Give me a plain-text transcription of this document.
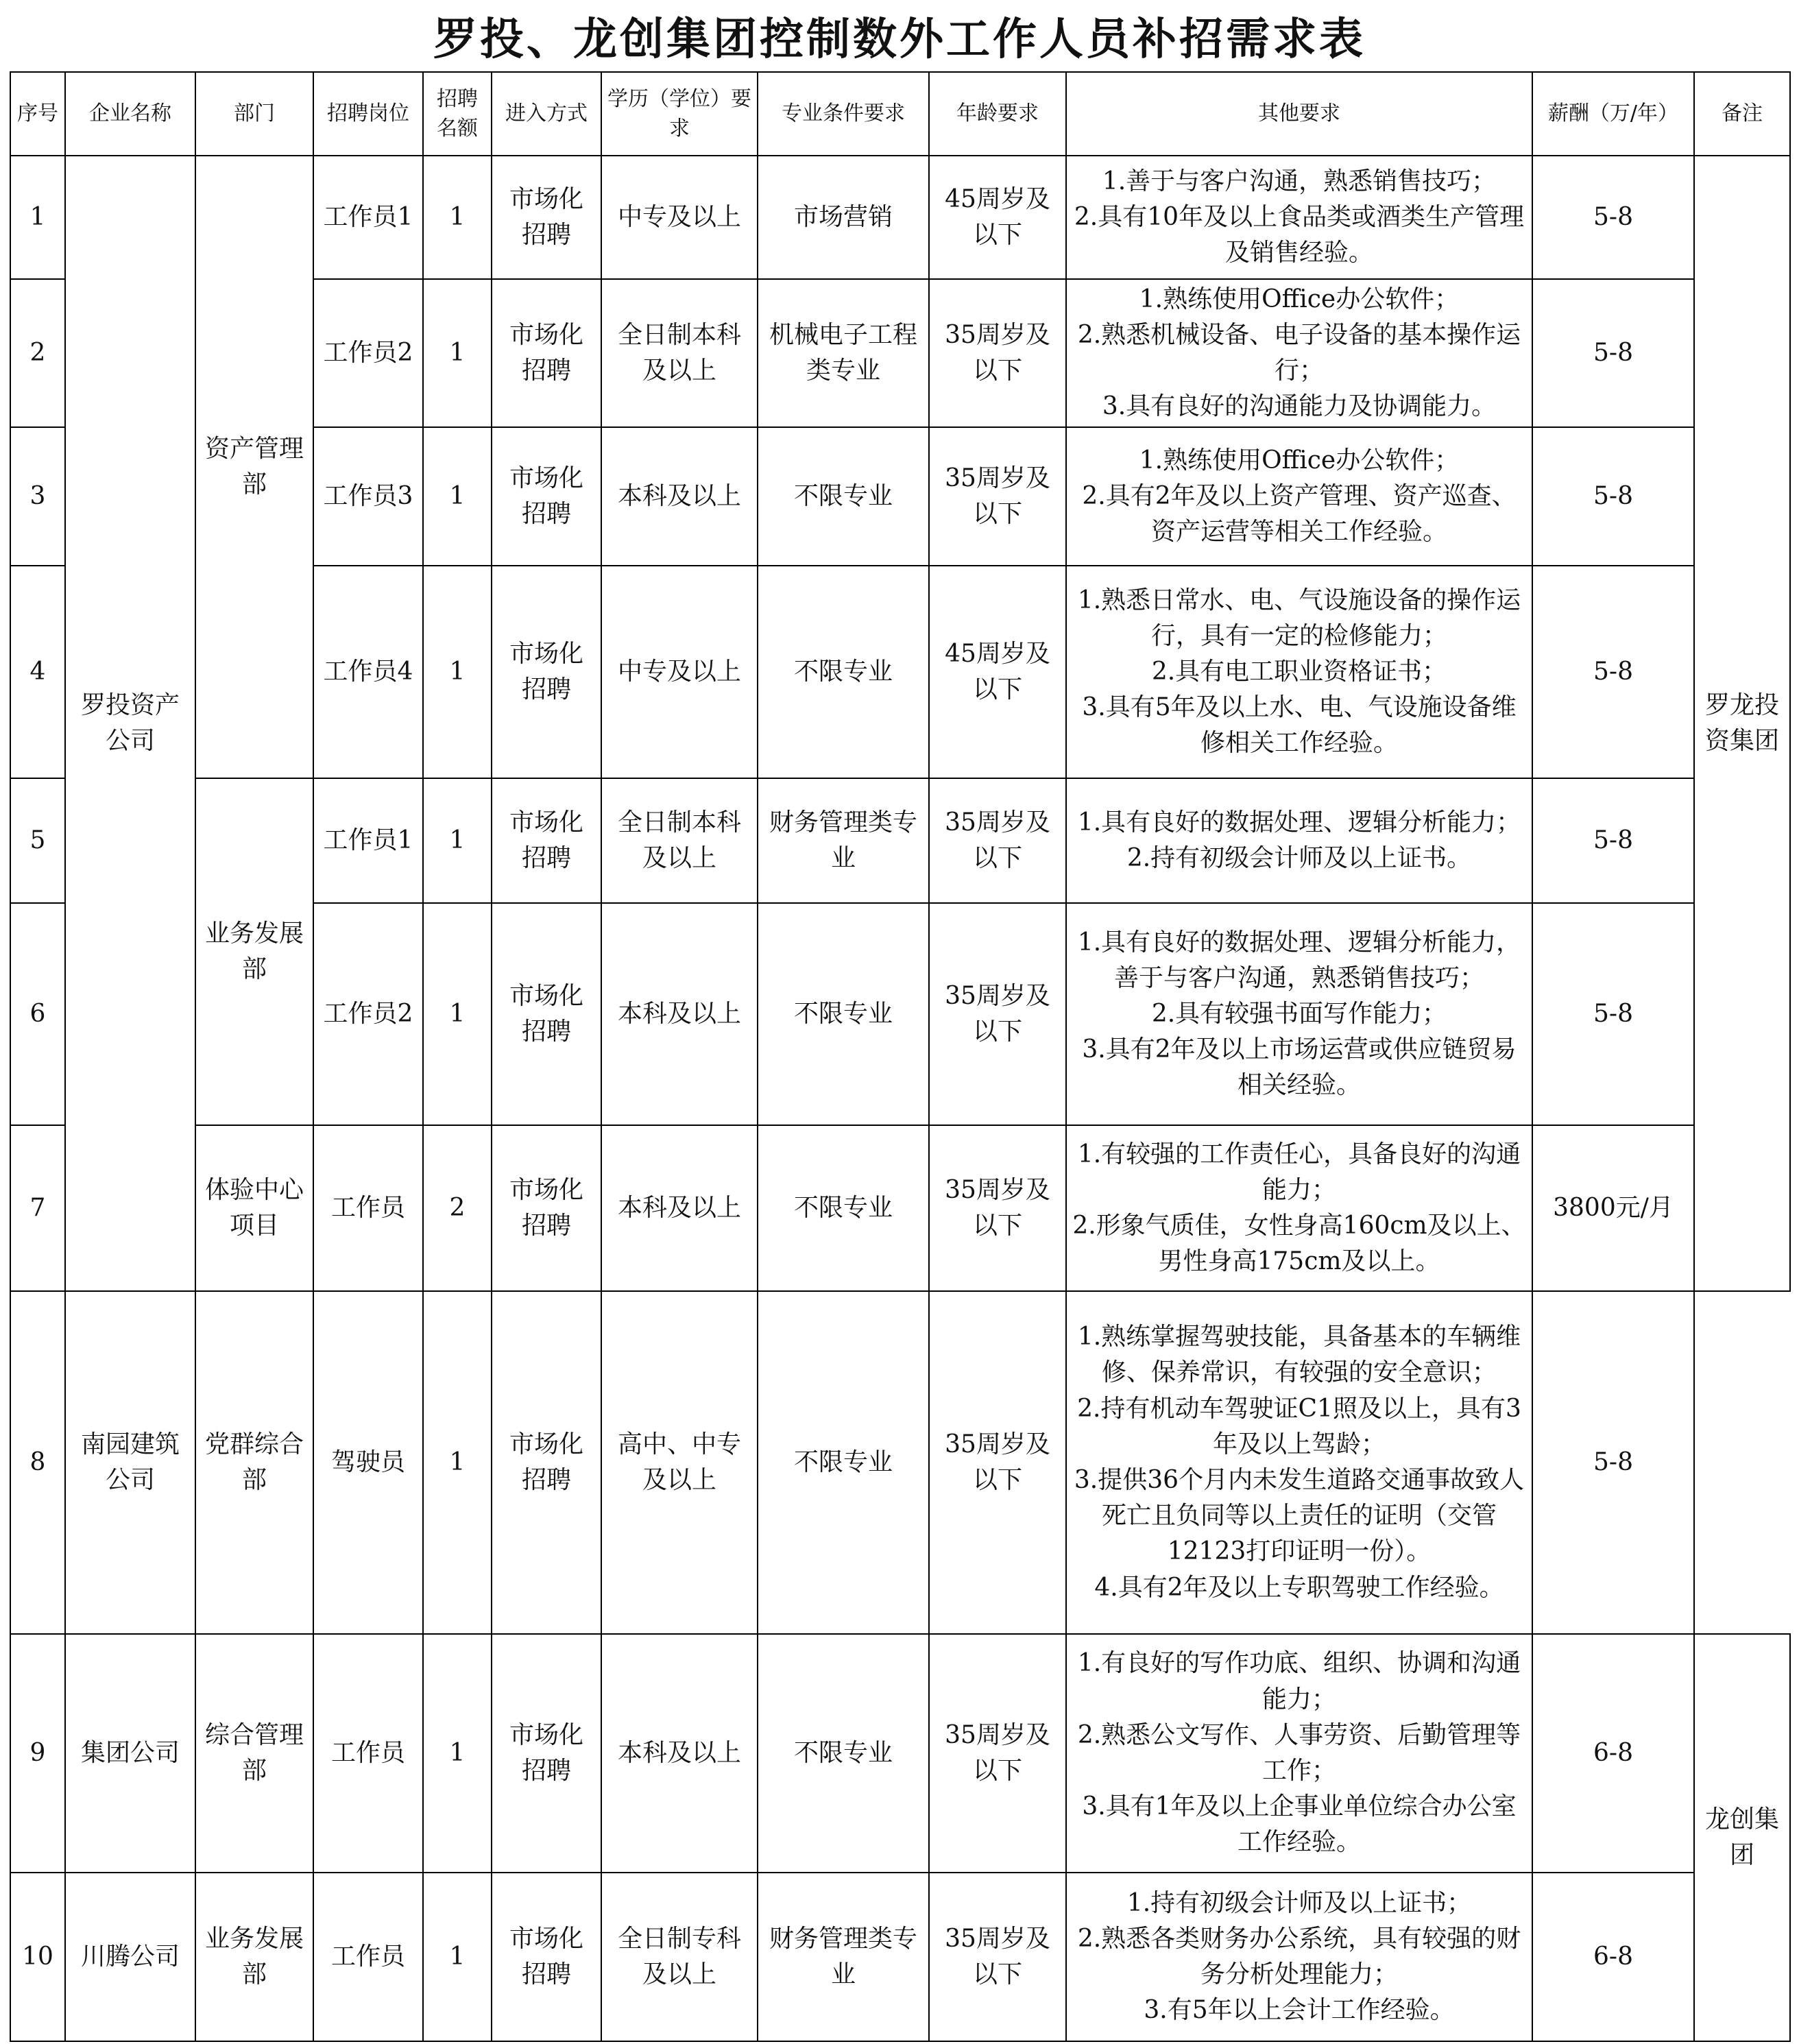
罗投、龙创集团控制数外工作人员补招需求表
序号	企业名称	部门	招聘岗位	招聘名额	进入方式	学历（学位）要求	专业条件要求	年龄要求	其他要求	薪酬（万/年）	备注
1	罗投资产公司	资产管理部	工作员1	1	市场化招聘	中专及以上	市场营销	45周岁及以下	1.善于与客户沟通，熟悉销售技巧；
2.具有10年及以上食品类或酒类生产管理及销售经验。	5-8	罗龙投资集团
2			工作员2	1	市场化招聘	全日制本科及以上	机械电子工程类专业	35周岁及以下	1.熟练使用Office办公软件；
2.熟悉机械设备、电子设备的基本操作运行；
3.具有良好的沟通能力及协调能力。	5-8	
3			工作员3	1	市场化招聘	本科及以上	不限专业	35周岁及以下	1.熟练使用Office办公软件；
2.具有2年及以上资产管理、资产巡查、资产运营等相关工作经验。	5-8	
4			工作员4	1	市场化招聘	中专及以上	不限专业	45周岁及以下	1.熟悉日常水、电、气设施设备的操作运行，具有一定的检修能力；
2.具有电工职业资格证书；
3.具有5年及以上水、电、气设施设备维修相关工作经验。	5-8	
5		业务发展部	工作员1	1	市场化招聘	全日制本科及以上	财务管理类专业	35周岁及以下	1.具有良好的数据处理、逻辑分析能力；
2.持有初级会计师及以上证书。	5-8	
6			工作员2	1	市场化招聘	本科及以上	不限专业	35周岁及以下	1.具有良好的数据处理、逻辑分析能力，善于与客户沟通，熟悉销售技巧；
2.具有较强书面写作能力；
3.具有2年及以上市场运营或供应链贸易相关经验。	5-8	
7		体验中心项目	工作员	2	市场化招聘	本科及以上	不限专业	35周岁及以下	1.有较强的工作责任心，具备良好的沟通能力；
2.形象气质佳，女性身高160cm及以上、男性身高175cm及以上。	3800元/月	
8	南园建筑公司	党群综合部	驾驶员	1	市场化招聘	高中、中专及以上	不限专业	35周岁及以下	1.熟练掌握驾驶技能，具备基本的车辆维修、保养常识，有较强的安全意识；
2.持有机动车驾驶证C1照及以上，具有3年及以上驾龄；
3.提供36个月内未发生道路交通事故致人死亡且负同等以上责任的证明（交管12123打印证明一份）。
4.具有2年及以上专职驾驶工作经验。	5-8	
9	集团公司	综合管理部	工作员	1	市场化招聘	本科及以上	不限专业	35周岁及以下	1.有良好的写作功底、组织、协调和沟通能力；
2.熟悉公文写作、人事劳资、后勤管理等工作；
3.具有1年及以上企事业单位综合办公室工作经验。	6-8	龙创集团
10	川腾公司	业务发展部	工作员	1	市场化招聘	全日制专科及以上	财务管理类专业	35周岁及以下	1.持有初级会计师及以上证书；
2.熟悉各类财务办公系统，具有较强的财务分析处理能力；
3.有5年以上会计工作经验。	6-8	
